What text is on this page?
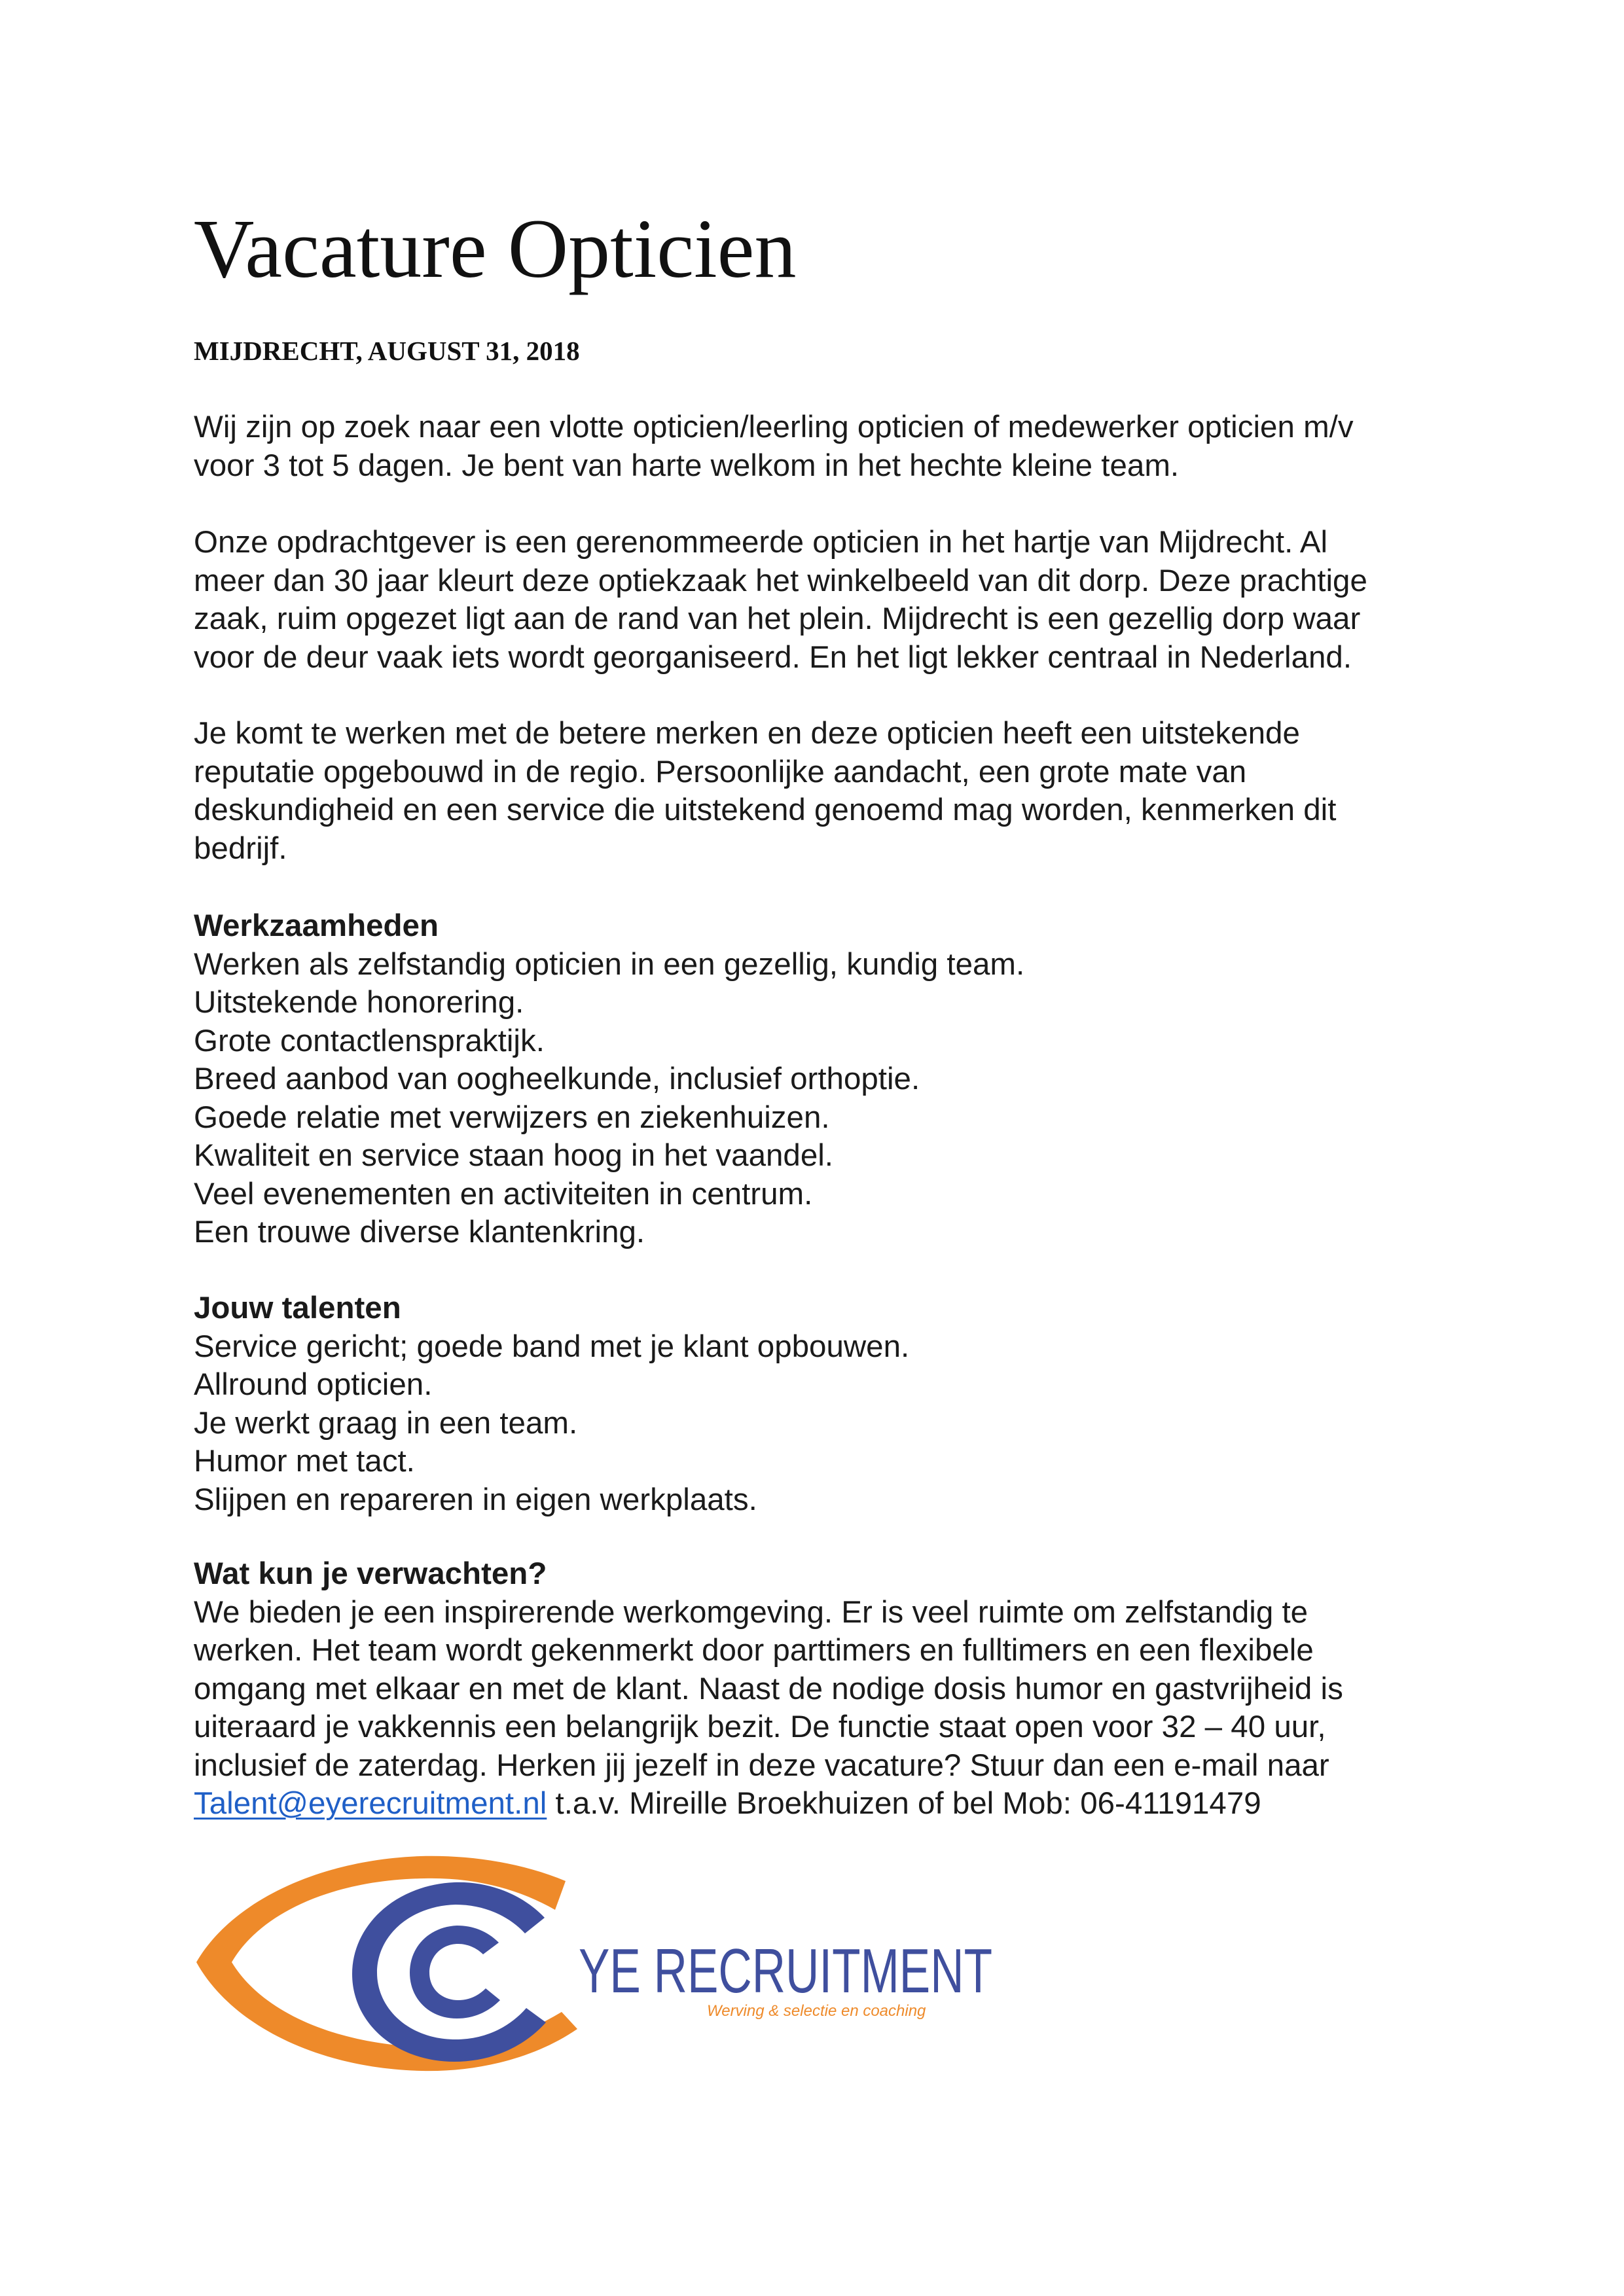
Vacature Opticien
MIJDRECHT, AUGUST 31, 2018
Wij zijn op zoek naar een vlotte opticien/leerling opticien of medewerker opticien m/v
voor 3 tot 5 dagen. Je bent van harte welkom in het hechte kleine team.
Onze opdrachtgever is een gerenommeerde opticien in het hartje van Mijdrecht. Al
meer dan 30 jaar kleurt deze optiekzaak het winkelbeeld van dit dorp. Deze prachtige
zaak, ruim opgezet ligt aan de rand van het plein. Mijdrecht is een gezellig dorp waar
voor de deur vaak iets wordt georganiseerd. En het ligt lekker centraal in Nederland.
Je komt te werken met de betere merken en deze opticien heeft een uitstekende
reputatie opgebouwd in de regio. Persoonlijke aandacht, een grote mate van
deskundigheid en een service die uitstekend genoemd mag worden, kenmerken dit
bedrijf.
Werkzaamheden
Werken als zelfstandig opticien in een gezellig, kundig team.
Uitstekende honorering.
Grote contactlenspraktijk.
Breed aanbod van oogheelkunde, inclusief orthoptie.
Goede relatie met verwijzers en ziekenhuizen.
Kwaliteit en service staan hoog in het vaandel.
Veel evenementen en activiteiten in centrum.
Een trouwe diverse klantenkring.
Jouw talenten
Service gericht; goede band met je klant opbouwen.
Allround opticien.
Je werkt graag in een team.
Humor met tact.
Slijpen en repareren in eigen werkplaats.
Wat kun je verwachten?
We bieden je een inspirerende werkomgeving. Er is veel ruimte om zelfstandig te
werken. Het team wordt gekenmerkt door parttimers en fulltimers en een flexibele
omgang met elkaar en met de klant. Naast de nodige dosis humor en gastvrijheid is
uiteraard je vakkennis een belangrijk bezit. De functie staat open voor 32 – 40 uur,
inclusief de zaterdag. Herken jij jezelf in deze vacature? Stuur dan een e-mail naar
Talent@eyerecruitment.nl t.a.v. Mireille Broekhuizen of bel Mob: 06-41191479
YE RECRUITMENT
Werving & selectie en coaching
